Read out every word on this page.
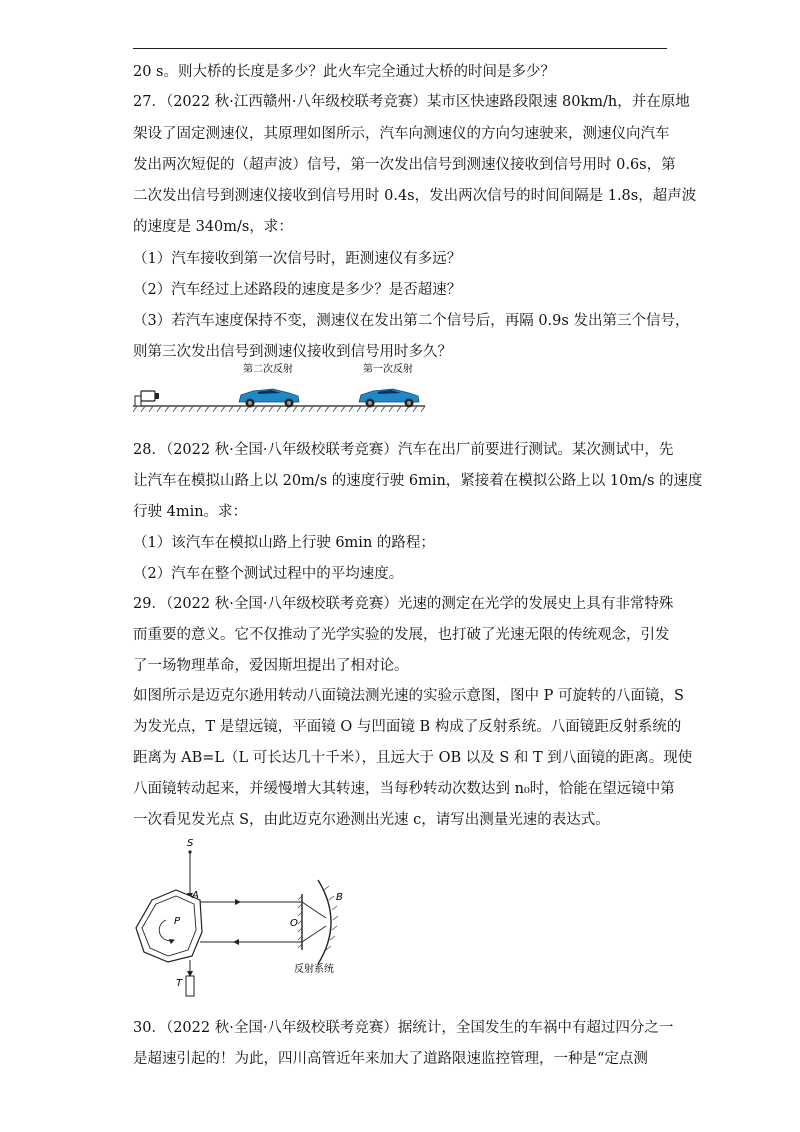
20 s。则大桥的长度是多少？此火车完全通过大桥的时间是多少？
27．（2022 秋·江西赣州·八年级校联考竞赛）某市区快速路段限速 80km/h，并在原地
架设了固定测速仪，其原理如图所示，汽车向测速仪的方向匀速驶来，测速仪向汽车
发出两次短促的（超声波）信号，第一次发出信号到测速仪接收到信号用时 0.6s，第
二次发出信号到测速仪接收到信号用时 0.4s，发出两次信号的时间间隔是 1.8s，超声波
的速度是 340m/s，求：
（1）汽车接收到第一次信号时，距测速仪有多远？
（2）汽车经过上述路段的速度是多少？是否超速？
（3）若汽车速度保持不变，测速仪在发出第二个信号后，再隔 0.9s 发出第三个信号，
则第三次发出信号到测速仪接收到信号用时多久？
第二次反射	第一次反射
28．（2022 秋·全国·八年级校联考竞赛）汽车在出厂前要进行测试。某次测试中，先
让汽车在模拟山路上以 20m/s 的速度行驶 6min，紧接着在模拟公路上以 10m/s 的速度
行驶 4min。求：
（1）该汽车在模拟山路上行驶 6min 的路程；
（2）汽车在整个测试过程中的平均速度。
29．（2022 秋·全国·八年级校联考竞赛）光速的测定在光学的发展史上具有非常特殊
而重要的意义。它不仅推动了光学实验的发展，也打破了光速无限的传统观念，引发
了一场物理革命，爱因斯坦提出了相对论。
如图所示是迈克尔逊用转动八面镜法测光速的实验示意图，图中 P 可旋转的八面镜，S
为发光点，T 是望远镜，平面镜 O 与凹面镜 B 构成了反射系统。八面镜距反射系统的
距离为 AB=L（L 可长达几十千米），且远大于 OB 以及 S 和 T 到八面镜的距离。现使
八面镜转动起来，并缓慢增大其转速，当每秒转动次数达到 n₀时，恰能在望远镜中第
一次看见发光点 S，由此迈克尔逊测出光速 c，请写出测量光速的表达式。
S
A
P	O
B
反射系统
T
30．（2022 秋·全国·八年级校联考竞赛）据统计，全国发生的车祸中有超过四分之一
是超速引起的！为此，四川高管近年来加大了道路限速监控管理，一种是“定点测
